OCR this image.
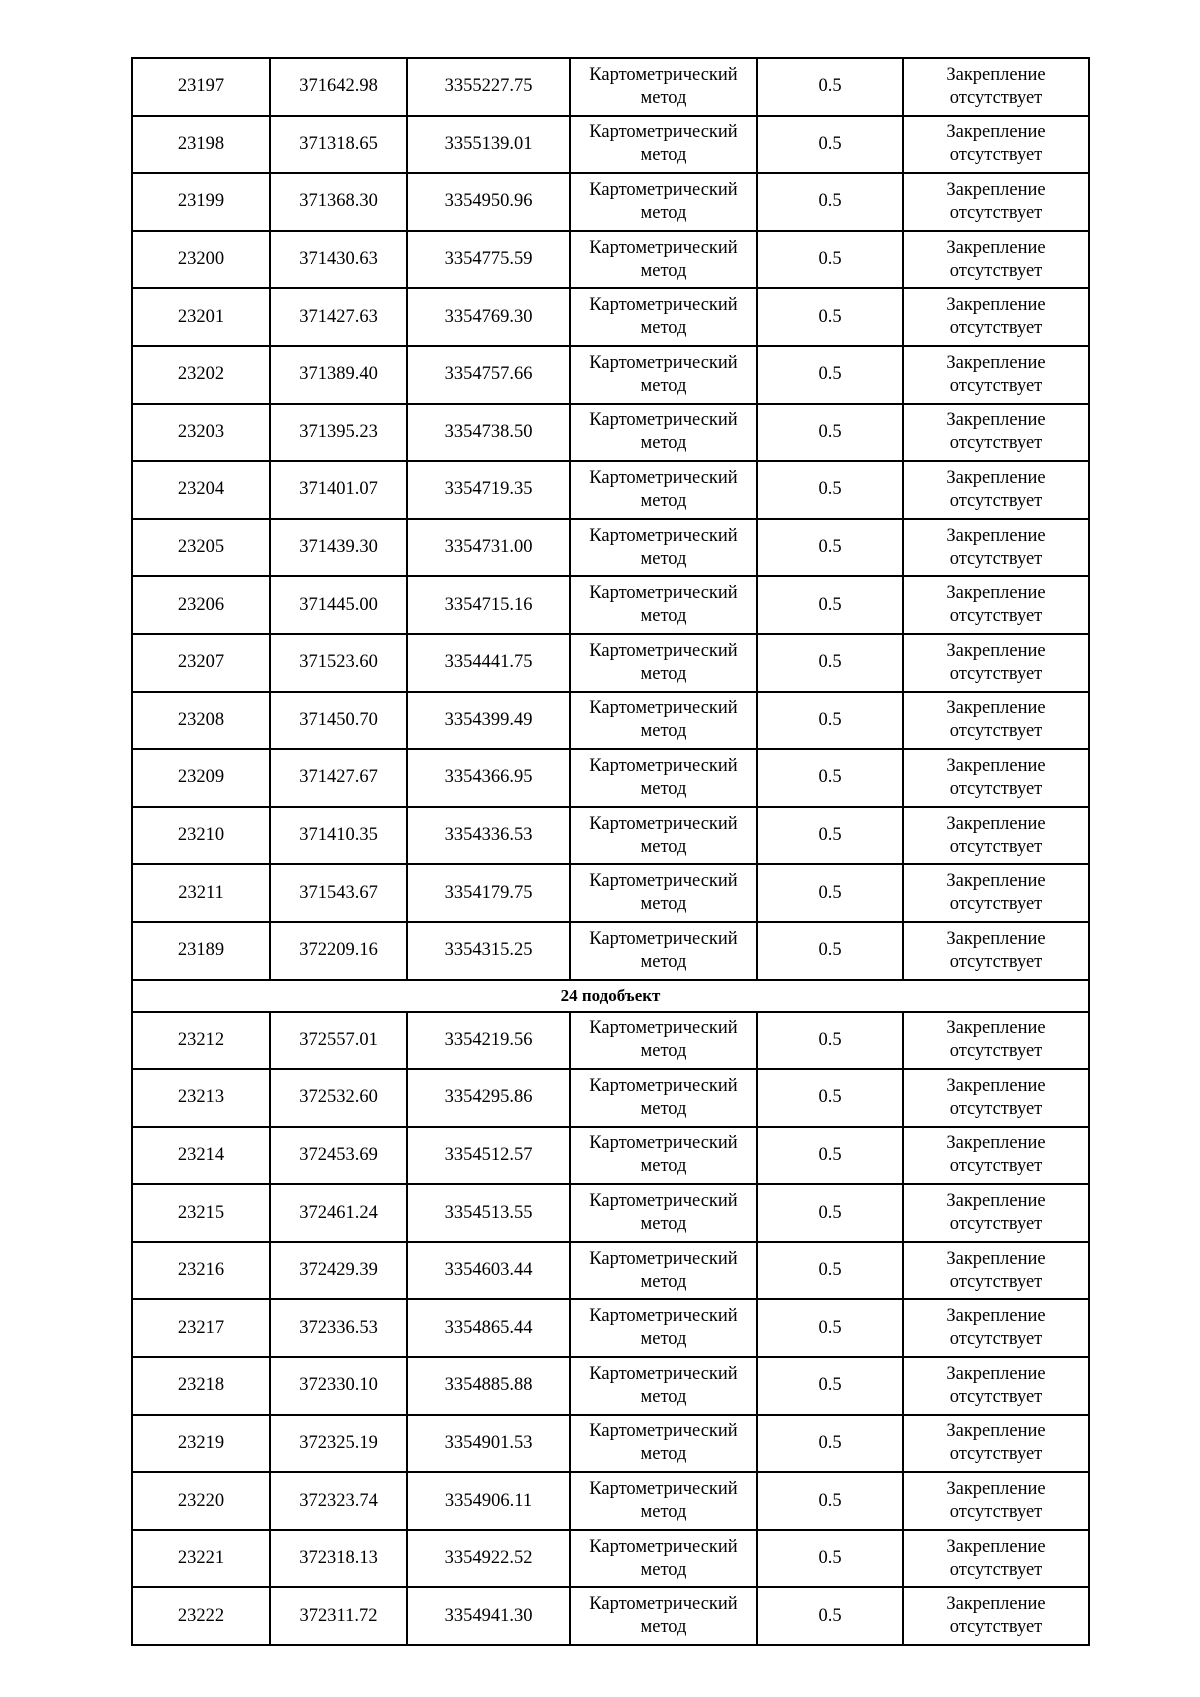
23197	371642.98	3355227.75	Картометрический
метод	0.5	Закрепление
отсутствует

23198	371318.65	3355139.01	Картометрический
метод	0.5	Закрепление
отсутствует

23199	371368.30	3354950.96	Картометрический
метод	0.5	Закрепление
отсутствует

23200	371430.63	3354775.59	Картометрический
метод	0.5	Закрепление
отсутствует

23201	371427.63	3354769.30	Картометрический
метод	0.5	Закрепление
отсутствует

23202	371389.40	3354757.66	Картометрический
метод	0.5	Закрепление
отсутствует

23203	371395.23	3354738.50	Картометрический
метод	0.5	Закрепление
отсутствует

23204	371401.07	3354719.35	Картометрический
метод	0.5	Закрепление
отсутствует

23205	371439.30	3354731.00	Картометрический
метод	0.5	Закрепление
отсутствует

23206	371445.00	3354715.16	Картометрический
метод	0.5	Закрепление
отсутствует

23207	371523.60	3354441.75	Картометрический
метод	0.5	Закрепление
отсутствует

23208	371450.70	3354399.49	Картометрический
метод	0.5	Закрепление
отсутствует

23209	371427.67	3354366.95	Картометрический
метод	0.5	Закрепление
отсутствует

23210	371410.35	3354336.53	Картометрический
метод	0.5	Закрепление
отсутствует

23211	371543.67	3354179.75	Картометрический
метод	0.5	Закрепление
отсутствует

23189	372209.16	3354315.25	Картометрический
метод	0.5	Закрепление
отсутствует

24 подобъект					

23212	372557.01	3354219.56	Картометрический
метод	0.5	Закрепление
отсутствует

23213	372532.60	3354295.86	Картометрический
метод	0.5	Закрепление
отсутствует

23214	372453.69	3354512.57	Картометрический
метод	0.5	Закрепление
отсутствует

23215	372461.24	3354513.55	Картометрический
метод	0.5	Закрепление
отсутствует

23216	372429.39	3354603.44	Картометрический
метод	0.5	Закрепление
отсутствует

23217	372336.53	3354865.44	Картометрический
метод	0.5	Закрепление
отсутствует

23218	372330.10	3354885.88	Картометрический
метод	0.5	Закрепление
отсутствует

23219	372325.19	3354901.53	Картометрический
метод	0.5	Закрепление
отсутствует

23220	372323.74	3354906.11	Картометрический
метод	0.5	Закрепление
отсутствует

23221	372318.13	3354922.52	Картометрический
метод	0.5	Закрепление
отсутствует

23222	372311.72	3354941.30	Картометрический
метод	0.5	Закрепление
отсутствует
